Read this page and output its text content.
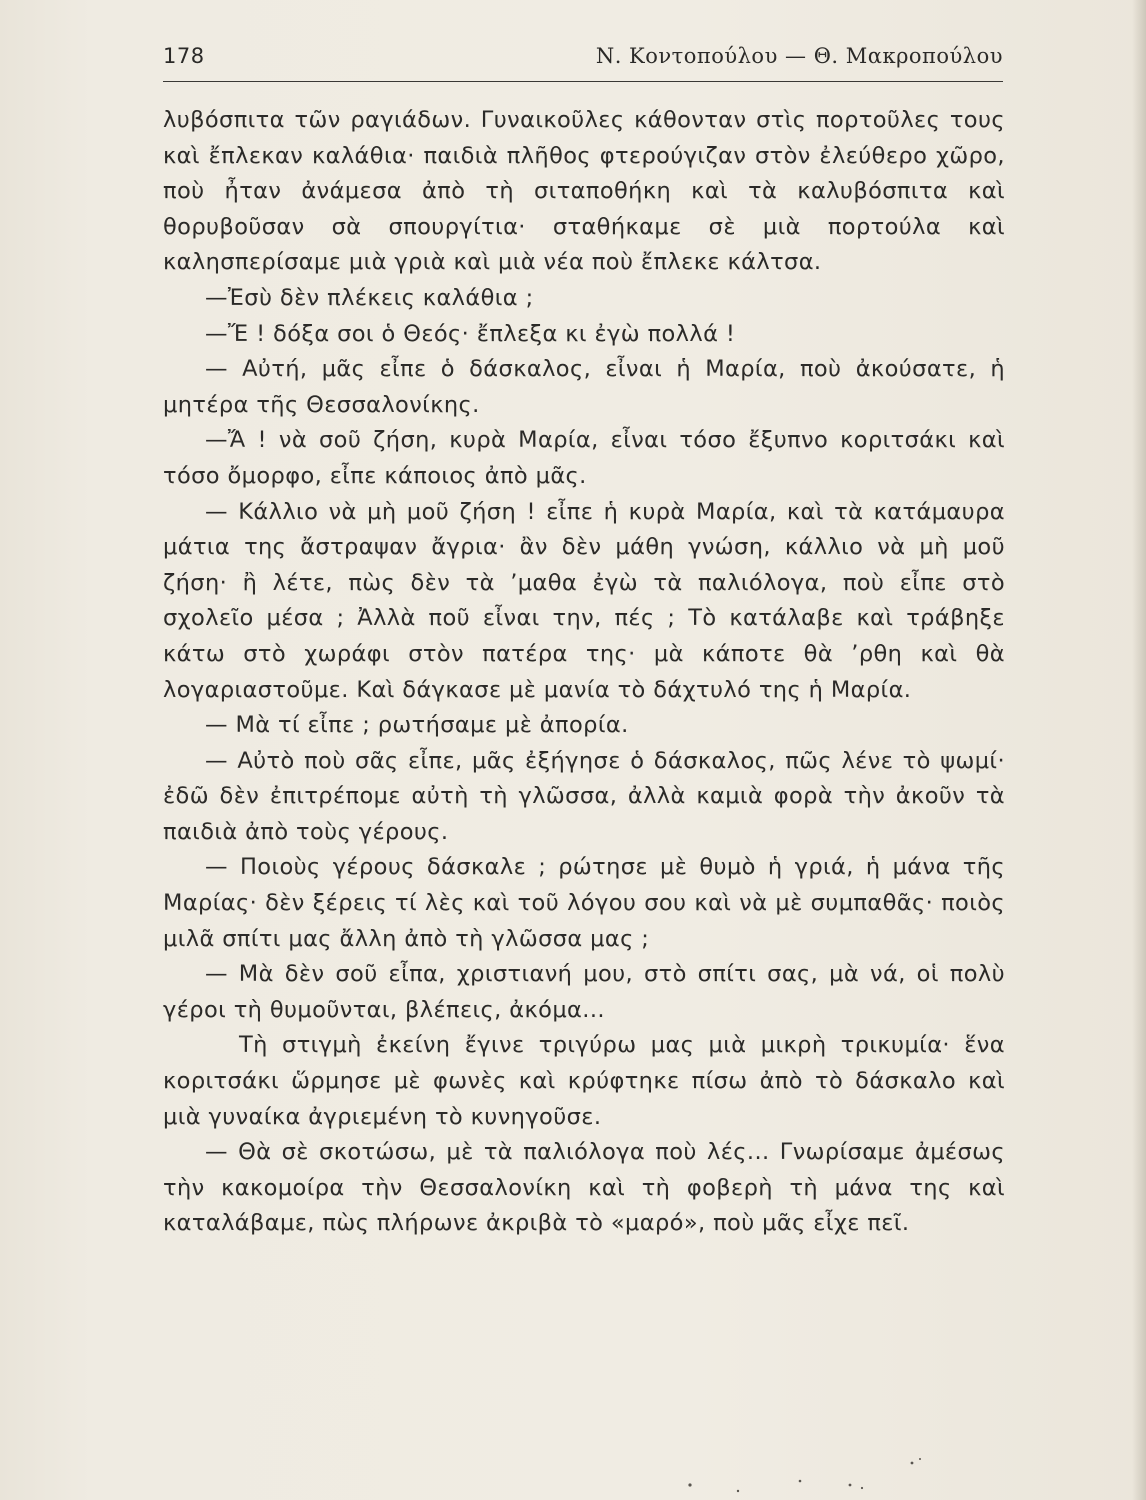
178	Ν. Κοντοπούλου — Θ. Μακροπούλου

λυβόσπιτα τῶν ραγιάδων. Γυναικοῦλες κάθονταν στὶς πορτοῦλες τους καὶ ἔπλεκαν καλάθια· παιδιὰ πλῆθος φτερούγιζαν στὸν ἐλεύθερο χῶρο, ποὺ ἦταν ἀνάμεσα ἀπὸ τὴ σιταποθήκη καὶ τὰ καλυβόσπιτα καὶ θορυβοῦσαν σὰ σπουργίτια· σταθήκαμε σὲ μιὰ πορτούλα καὶ καλησπερίσαμε μιὰ γριὰ καὶ μιὰ νέα ποὺ ἔπλεκε κάλτσα.

—Ἐσὺ δὲν πλέκεις καλάθια ;

—Ἔ ! δόξα σοι ὁ Θεός· ἔπλεξα κι ἐγὼ πολλά !

— Αὐτή, μᾶς εἶπε ὁ δάσκαλος, εἶναι ἡ Μαρία, ποὺ ἀκούσατε, ἡ μητέρα τῆς Θεσσαλονίκης.

—Ἄ ! νὰ σοῦ ζήση, κυρὰ Μαρία, εἶναι τόσο ἔξυπνο κοριτσάκι καὶ τόσο ὄμορφο, εἶπε κάποιος ἀπὸ μᾶς.

— Κάλλιο νὰ μὴ μοῦ ζήση ! εἶπε ἡ κυρὰ Μαρία, καὶ τὰ κατάμαυρα μάτια της ἄστραψαν ἄγρια· ἂν δὲν μάθη γνώση, κάλλιο νὰ μὴ μοῦ ζήση· ἢ λέτε, πὼς δὲν τὰ ’μαθα ἐγὼ τὰ παλιόλογα, ποὺ εἶπε στὸ σχολεῖο μέσα ; Ἀλλὰ ποῦ εἶναι την, πές ; Τὸ κατάλαβε καὶ τράβηξε κάτω στὸ χωράφι στὸν πατέρα της· μὰ κάποτε θὰ ’ρθη καὶ θὰ λογαριαστοῦμε. Καὶ δάγκασε μὲ μανία τὸ δάχτυλό της ἡ Μαρία.

— Μὰ τί εἶπε ; ρωτήσαμε μὲ ἀπορία.

— Αὐτὸ ποὺ σᾶς εἶπε, μᾶς ἐξήγησε ὁ δάσκαλος, πῶς λένε τὸ ψωμί· ἐδῶ δὲν ἐπιτρέπομε αὐτὴ τὴ γλῶσσα, ἀλλὰ καμιὰ φορὰ τὴν ἀκοῦν τὰ παιδιὰ ἀπὸ τοὺς γέρους.

— Ποιοὺς γέρους δάσκαλε ; ρώτησε μὲ θυμὸ ἡ γριά, ἡ μάνα τῆς Μαρίας· δὲν ξέρεις τί λὲς καὶ τοῦ λόγου σου καὶ νὰ μὲ συμπαθᾶς· ποιὸς μιλᾶ σπίτι μας ἄλλη ἀπὸ τὴ γλῶσσα μας ;

— Μὰ δὲν σοῦ εἶπα, χριστιανή μου, στὸ σπίτι σας, μὰ νά, οἱ πολὺ γέροι τὴ θυμοῦνται, βλέπεις, ἀκόμα...

Τὴ στιγμὴ ἐκείνη ἔγινε τριγύρω μας μιὰ μικρὴ τρικυμία· ἕνα κοριτσάκι ὥρμησε μὲ φωνὲς καὶ κρύφτηκε πίσω ἀπὸ τὸ δάσκαλο καὶ μιὰ γυναίκα ἀγριεμένη τὸ κυνηγοῦσε.

— Θὰ σὲ σκοτώσω, μὲ τὰ παλιόλογα ποὺ λές... Γνωρίσαμε ἀμέσως τὴν κακομοίρα τὴν Θεσσαλονίκη καὶ τὴ φοβερὴ τὴ μάνα της καὶ καταλάβαμε, πὼς πλήρωνε ἀκριβὰ τὸ «μαρό», ποὺ μᾶς εἶχε πεῖ.
